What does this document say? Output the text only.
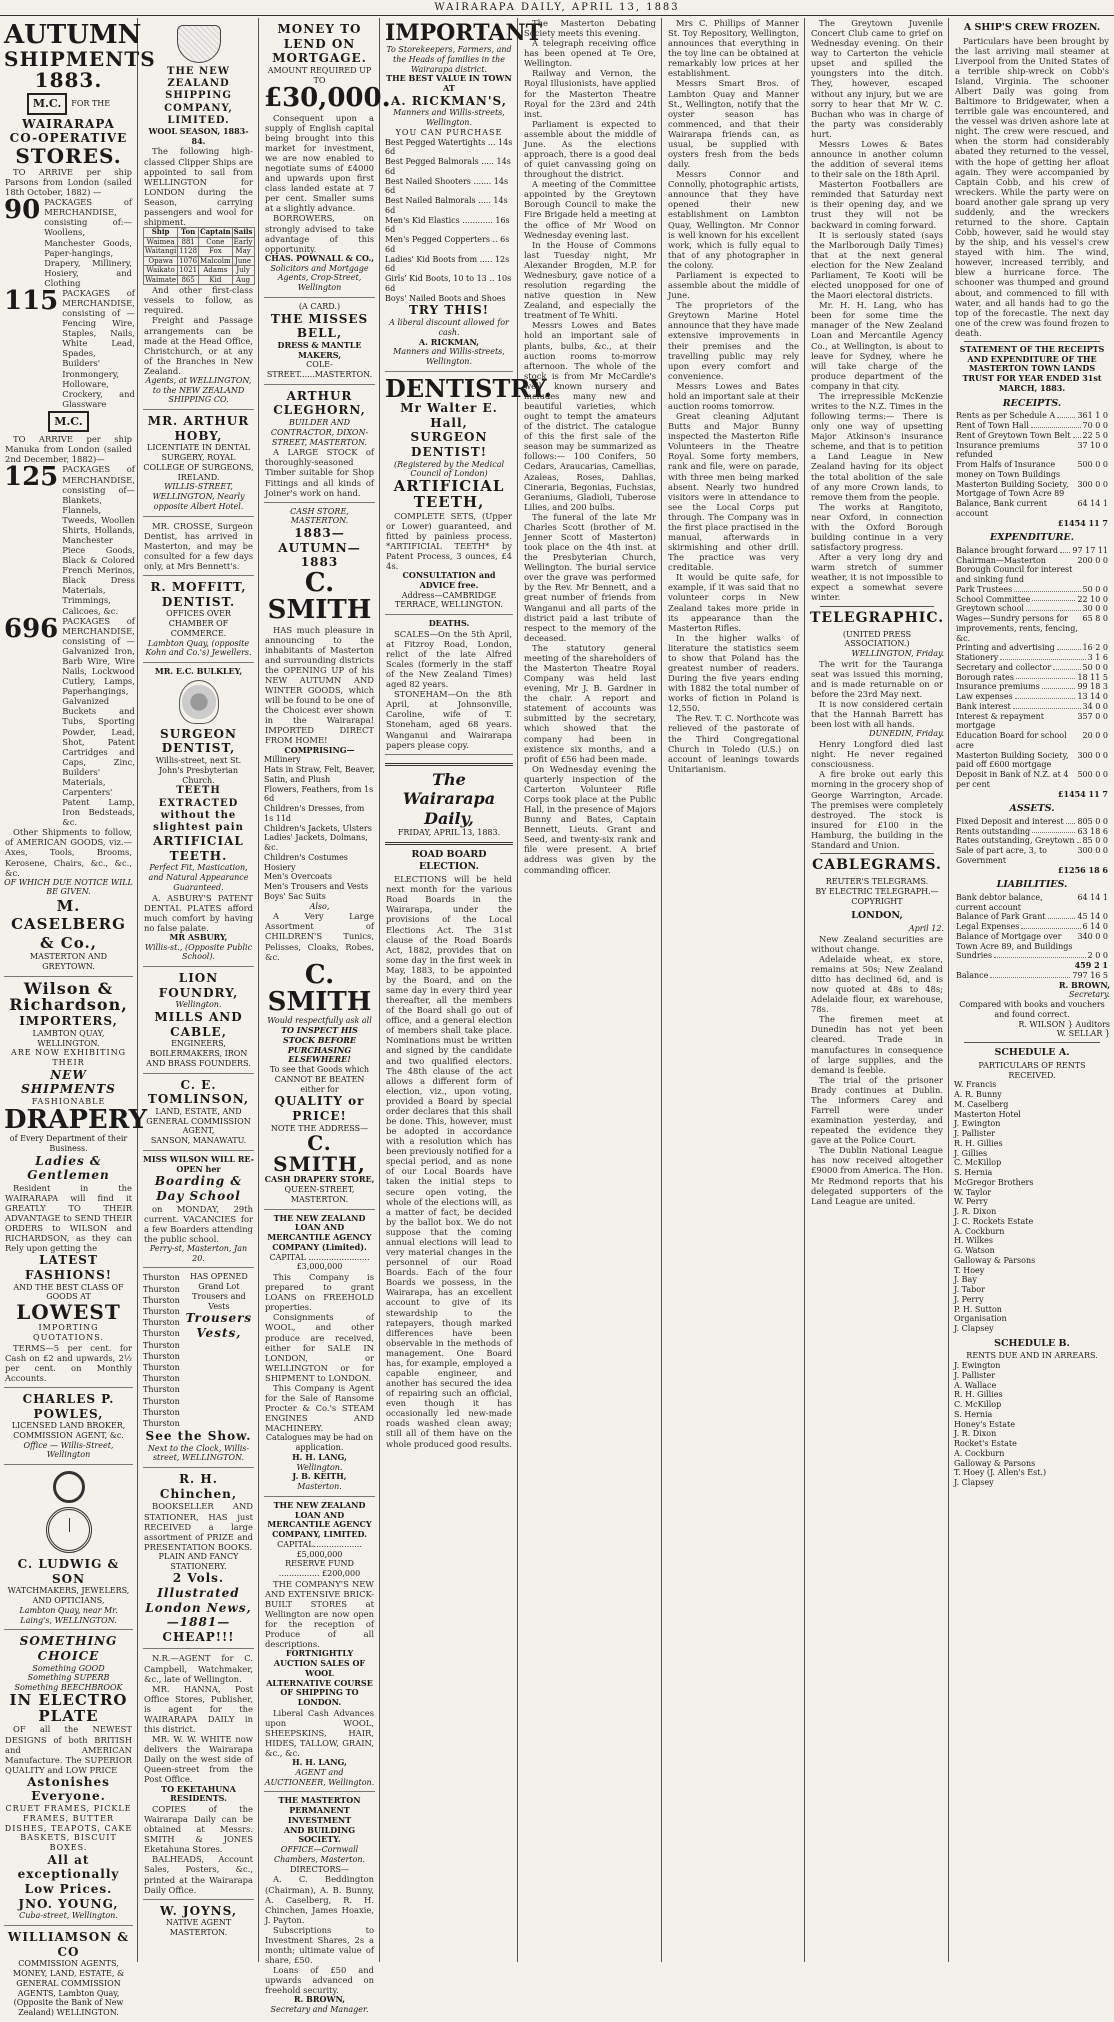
WAIRARAPA DAILY, APRIL 13, 1883
AUTUMN
SHIPMENTS
1883.
M.C.	FOR THE
WAIRARAPA
CO-OPERATIVE
STORES.
TO ARRIVE per ship Parsons from London (sailed 18th October, 1882) —
90 PACKAGES of MERCHANDISE, consisting of:— Woollens, Manchester Goods, Paper-hangings, Drapery, Millinery, Hosiery, and Clothing
115 PACKAGES of MERCHANDISE, consisting of — Fencing Wire, Staples, Nails, White Lead, Spades, Builders' Ironmongery, Holloware, Crockery, and Glassware
M.C.
TO ARRIVE per ship Manuka from London (sailed 2nd December, 1882)—
125 PACKAGES of MERCHANDISE, consisting of— Blankets, Flannels, Tweeds, Woollen Shirts, Hollands, Manchester Piece Goods, Black & Colored French Merinos, Black Dress Materials, Trimmings, Calicoes, &c.
696 PACKAGES of MERCHANDISE, consisting of — Galvanized Iron, Barb Wire, Wire Nails, Lockwood Cutlery, Lamps, Paperhangings, Galvanized Buckets and Tubs, Sporting Powder, Lead, Shot, Patent Cartridges and Caps, Zinc, Builders' Materials, Carpenters' Patent Lamp, Iron Bedsteads, &c.
Other Shipments to follow, of AMERICAN GOODS, viz.— Axes, Tools, Brooms, Kerosene, Chairs, &c., &c., &c.
OF WHICH DUE NOTICE WILL BE GIVEN.
M. CASELBERG & Co.,
MASTERTON AND GREYTOWN.
Wilson & Richardson,
IMPORTERS,
LAMBTON QUAY, WELLINGTON.
ARE NOW EXHIBITING THEIR
NEW SHIPMENTS
FASHIONABLE
DRAPERY
of Every Department of their Business.
Ladies & Gentlemen
Resident in the WAIRARAPA will find it GREATLY TO THEIR ADVANTAGE to SEND THEIR ORDERS to WILSON and RICHARDSON, as they can Rely upon getting the
LATEST FASHIONS!
AND THE BEST CLASS OF GOODS AT
LOWEST
IMPORTING QUOTATIONS.
TERMS—5 per cent. for Cash on £2 and upwards, 2½ per cent. on Monthly Accounts.
CHARLES P. POWLES,
LICENSED LAND BROKER, COMMISSION AGENT, &c.
Office — Willis-Street, Wellington
C. LUDWIG & SON
WATCHMAKERS, JEWELERS, AND OPTICIANS,
Lambton Quay, near Mr. Laing's, WELLINGTON.
SOMETHING CHOICE
Something GOOD
Something SUPERB
Something BEECHBROOK
IN ELECTRO PLATE
OF all the NEWEST DESIGNS of both BRITISH and AMERICAN Manufacture. The SUPERIOR QUALITY and LOW PRICE
Astonishes Everyone.
CRUET FRAMES, PICKLE FRAMES, BUTTER DISHES, TEAPOTS, CAKE BASKETS, BISCUIT BOXES.
All at exceptionally Low Prices.
JNO. YOUNG,
Cuba-street, Wellington.
WILLIAMSON & CO
COMMISSION AGENTS, MONEY, LAND, ESTATE, & GENERAL COMMISSION AGENTS, Lambton Quay, (Opposite the Bank of New Zealand) WELLINGTON.
THE NEW ZEALAND SHIPPING COMPANY, LIMITED.
WOOL SEASON, 1883-84.
The following high-classed Clipper Ships are appointed to sail from WELLINGTON for LONDON during the Season, carrying passengers and wool for shipment.
Ship	Ton	Captain	Sails
Waimea	881	Cone	Early
Waitangi	1128	Fox	May
Opawa	1076	Malcolm	June
Waikato	1021	Adams	July
Waimate	865	Kid	Aug
And other first-class vessels to follow, as required.
Freight and Passage arrangements can be made at the Head Office, Christchurch, or at any of the Branches in New Zealand.
Agents, at WELLINGTON, to the NEW ZEALAND SHIPPING CO.
MR. ARTHUR HOBY,
LICENTIATE IN DENTAL SURGERY, ROYAL COLLEGE OF SURGEONS, IRELAND.
WILLIS-STREET, WELLINGTON, Nearly opposite Albert Hotel.
MR. CROSSE, Surgeon Dentist, has arrived in Masterton, and may be consulted for a few days only, at Mrs Bennett's.
R. MOFFITT, DENTIST.
OFFICES OVER CHAMBER OF COMMERCE.
Lambton Quay, (opposite Kohn and Co.'s) Jewellers.
MR. E.C. BULKLEY,
SURGEON DENTIST,
Willis-street, next St. John's Presbyterian Church.
TEETH EXTRACTED without the slightest pain
ARTIFICIAL TEETH.
Perfect Fit, Mastication, and Natural Appearance Guaranteed.
A. ASBURY'S PATENT DENTAL PLATES afford much comfort by having no false palate.
MR ASBURY,
Willis-st., (Opposite Public School).
LION FOUNDRY,
Wellington.
MILLS AND CABLE,
ENGINEERS, BOILERMAKERS, IRON AND BRASS FOUNDERS.
C. E. TOMLINSON,
LAND, ESTATE, AND GENERAL COMMISSION AGENT,
SANSON, MANAWATU.
MISS WILSON WILL RE-OPEN her
Boarding & Day School
on MONDAY, 29th current. VACANCIES for a few Boarders attending the public school.
Perry-st, Masterton, Jan 20.
Thurston
Thurston
Thurston
Thurston
Thurston
Thurston
Thurston
Thurston
Thurston
Thurston
Thurston
Thurston
Thurston
Thurston
HAS OPENED Grand Lot Trousers and Vests
Trousers
Vests,
See the Show.
Next to the Clock, Willis-street, WELLINGTON.
R. H. Chinchen,
BOOKSELLER AND STATIONER, HAS just RECEIVED a large assortment of PRIZE and PRESENTATION BOOKS.
PLAIN AND FANCY STATIONERY.
2 Vols.
Illustrated London News, —1881—
CHEAP!!!
N.R.—AGENT for C. Campbell, Watchmaker, &c., late of Wellington.
MR. HANNA, Post Office Stores, Publisher, is agent for the WAIRARAPA DAILY in this district.
MR. W. W. WHITE now delivers the Wairarapa Daily on the west side of Queen-street from the Post Office.
TO EKETAHUNA RESIDENTS.
COPIES of the Wairarapa Daily can be obtained at Messrs. SMITH & JONES Eketahuna Stores.
BALHEADS, Account Sales, Posters, &c., printed at the Wairarapa Daily Office.
W. JOYNS,
NATIVE AGENT
MASTERTON.
MONEY TO LEND ON MORTGAGE.
AMOUNT REQUIRED UP TO
£30,000.
Consequent upon a supply of English capital being brought into this market for investment, we are now enabled to negotiate sums of £4000 and upwards upon first class landed estate at 7 per cent. Smaller sums at a slightly advance.
BORROWERS, on strongly advised to take advantage of this opportunity.
CHAS. POWNALL & CO.,
Solicitors and Mortgage Agents, Crop-Street, Wellington
(A CARD.)
THE MISSES BELL,
DRESS & MANTLE MAKERS,
COLE-STREET......MASTERTON.
ARTHUR CLEGHORN,
BUILDER AND CONTRACTOR, DIXON-STREET, MASTERTON.
A LARGE STOCK of thoroughly-seasoned Timber suitable for Shop Fittings and all kinds of Joiner's work on hand.
CASH STORE, MASTERTON.
1883—AUTUMN—1883
C. SMITH
HAS much pleasure in announcing to the inhabitants of Masterton and surrounding districts the OPENING UP of his NEW AUTUMN AND WINTER GOODS, which will be found to be one of the Choicest ever shown in the Wairarapa! IMPORTED DIRECT FROM HOME!
COMPRISING—
Millinery
Hats in Straw, Felt, Beaver, Satin, and Plush
Flowers, Feathers, from 1s 6d
Children's Dresses, from 1s 11d
Children's Jackets, Ulsters
Ladies' Jackets, Dolmans, &c.
Children's Costumes
Hosiery
Men's Overcoats
Men's Trousers and Vests
Boys' Sac Suits
Also,
A Very Large Assortment of CHILDREN'S Tunics, Pelisses, Cloaks, Robes, &c.
C. SMITH
Would respectfully ask all
TO INSPECT HIS STOCK BEFORE PURCHASING ELSEWHERE!
To see that Goods which CANNOT BE BEATEN either for
QUALITY or PRICE!
NOTE THE ADDRESS—
C. SMITH,
CASH DRAPERY STORE,
QUEEN-STREET, MASTERTON.
THE NEW ZEALAND LOAN AND MERCANTILE AGENCY COMPANY (Limited).
CAPITAL ........................ £3,000,000
This Company is prepared to grant LOANS on FREEHOLD properties.
Consignments of WOOL, and other produce are received, either for SALE IN LONDON, or WELLINGTON or for SHIPMENT to LONDON.
This Company is Agent for the Sale of Ransome Procter & Co.'s STEAM ENGINES AND MACHINERY.
Catalogues may be had on application.
H. H. LANG,
Wellington.
J. B. KEITH,
Masterton.
THE NEW ZEALAND LOAN AND MERCANTILE AGENCY COMPANY, LIMITED.
CAPITAL...................£5,000,000
RESERVE FUND ................ £200,000
THE COMPANY'S NEW AND EXTENSIVE BRICK-BUILT STORES at Wellington are now open for the reception of Produce of all descriptions.
FORTNIGHTLY AUCTION SALES OF WOOL
ALTERNATIVE COURSE OF SHIPPING TO LONDON.
Liberal Cash Advances upon WOOL, SHEEPSKINS, HAIR, HIDES, TALLOW, GRAIN, &c., &c.
H. H. LANG,
AGENT and AUCTIONEER, Wellington.
THE MASTERTON PERMANENT INVESTMENT
AND BUILDING SOCIETY.
OFFICE—Cornwall Chambers, Masterton.
DIRECTORS—
A. C. Beddington (Chairman), A. B. Bunny, A. Caselberg, R. H. Chinchen, James Hoaxie, J. Payton.
Subscriptions to Investment Shares, 2s a month; ultimate value of share, £50.
Loans of £50 and upwards advanced on freehold security.
R. BROWN,
Secretary and Manager.
IMPORTANT
To Storekeepers, Farmers, and the Heads of families in the Wairarapa district.
THE BEST VALUE IN TOWN AT
A. RICKMAN'S,
Manners and Willis-streets, Wellington.
YOU CAN PURCHASE
Best Pegged Watertights ... 14s 6d
Best Pegged Balmorals ..... 14s 6d
Best Nailed Shooters ....... 14s 6d
Best Nailed Balmorals ..... 14s 6d
Men's Kid Elastics ............ 16s 6d
Men's Pegged Copperters .. 6s 6d
Ladies' Kid Boots from ..... 12s 6d
Girls' Kid Boots, 10 to 13 .. 10s 6d
Boys' Nailed Boots and Shoes
TRY THIS!
A liberal discount allowed for cash.
A. RICKMAN,
Manners and Willis-streets, Wellington.
DENTISTRY.
Mr Walter E. Hall,
SURGEON DENTIST!
(Registered by the Medical Council of London)
ARTIFICIAL TEETH,
COMPLETE SETS, (Upper or Lower) guaranteed, and fitted by painless process. *ARTIFICIAL TEETH* by Patent Process, 3 ounces, £4 4s.
CONSULTATION and ADVICE free.
Address—CAMBRIDGE TERRACE, WELLINGTON.
DEATHS.
SCALES—On the 5th April, at Fitzroy Road, London, relict of the late Alfred Scales (formerly in the staff of the New Zealand Times) aged 82 years.
STONEHAM—On the 8th April, at Johnsonville, Caroline, wife of T. Stoneham, aged 68 years. Wanganui and Wairarapa papers please copy.
The Wairarapa Daily,
FRIDAY, APRIL 13, 1883.
ROAD BOARD ELECTION.
ELECTIONS will be held next month for the various Road Boards in the Wairarapa, under the provisions of the Local Elections Act. The 31st clause of the Road Boards Act, 1882, provides that on some day in the first week in May, 1883, to be appointed by the Board, and on the same day in every third year thereafter, all the members of the Board shall go out of office, and a general election of members shall take place. Nominations must be written and signed by the candidate and two qualified electors. The 48th clause of the act allows a different form of election, viz., upon voting, provided a Board by special order declares that this shall be done. This, however, must be adopted in accordance with a resolution which has been previously notified for a special period, and as none of our Local Boards have taken the initial steps to secure open voting, the whole of the elections will, as a matter of fact, be decided by the ballot box. We do not suppose that the coming annual elections will lead to very material changes in the personnel of our Road Boards. Each of the four Boards we possess, in the Wairarapa, has an excellent account to give of its stewardship to the ratepayers, though marked differences have been observable in the methods of management. One Board has, for example, employed a capable engineer, and another has secured the idea of repairing such an official, even though it has occasionally led new-made roads washed clean away; still all of them have on the whole produced good results.
The Masterton Debating Society meets this evening.
A telegraph receiving office has been opened at Te Ore, Wellington.
Railway and Vernon, the Royal Illusionists, have applied for the Masterton Theatre Royal for the 23rd and 24th inst.
Parliament is expected to assemble about the middle of June. As the elections approach, there is a good deal of quiet canvassing going on throughout the district.
A meeting of the Committee appointed by the Greytown Borough Council to make the Fire Brigade held a meeting at the office of Mr Wood on Wednesday evening last.
In the House of Commons last Tuesday night, Mr Alexander Brogden, M.P. for Wednesbury, gave notice of a resolution regarding the native question in New Zealand, and especially the treatment of Te Whiti.
Messrs Lowes and Bates hold an important sale of plants, bulbs, &c., at their auction rooms to-morrow afternoon. The whole of the stock is from Mr McCardle's well known nursery and includes many new and beautiful varieties, which ought to tempt the amateurs of the district. The catalogue of this the first sale of the season may be summarized as follows:— 100 Conifers, 50 Cedars, Araucarias, Camellias, Azaleas, Roses, Dahlias, Cineraria, Begonias, Fuchsias, Geraniums, Gladioli, Tuberose Lilies, and 200 bulbs.
The funeral of the late Mr Charles Scott (brother of M. Jenner Scott of Masterton) took place on the 4th inst. at the Presbyterian Church, Wellington. The burial service over the grave was performed by the Rev. Mr Bennett, and a great number of friends from Wanganui and all parts of the district paid a last tribute of respect to the memory of the deceased.
The statutory general meeting of the shareholders of the Masterton Theatre Royal Company was held last evening, Mr J. B. Gardner in the chair. A report and statement of accounts was submitted by the secretary, which showed that the company had been in existence six months, and a profit of £56 had been made.
On Wednesday evening the quarterly inspection of the Carterton Volunteer Rifle Corps took place at the Public Hall, in the presence of Majors Bunny and Bates, Captain Bennett, Lieuts. Grant and Seed, and twenty-six rank and file were present. A brief address was given by the commanding officer.
Mrs C. Phillips of Manner St. Toy Repository, Wellington, announces that everything in the toy line can be obtained at remarkably low prices at her establishment.
Messrs Smart Bros. of Lambton Quay and Manner St., Wellington, notify that the oyster season has commenced, and that their Wairarapa friends can, as usual, be supplied with oysters fresh from the beds daily.
Messrs Connor and Connolly, photographic artists, announce that they have opened their new establishment on Lambton Quay, Wellington. Mr Connor is well known for his excellent work, which is fully equal to that of any photographer in the colony.
Parliament is expected to assemble about the middle of June.
The proprietors of the Greytown Marine Hotel announce that they have made extensive improvements in their premises and the travelling public may rely upon every comfort and convenience.
Messrs Lowes and Bates hold an important sale at their auction rooms tomorrow.
Great cleaning Adjutant Butts and Major Bunny inspected the Masterton Rifle Volunteers in the Theatre Royal. Some forty members, rank and file, were on parade, with three men being marked absent. Nearly two hundred visitors were in attendance to see the Local Corps put through. The Company was in the first place practised in the manual, afterwards in skirmishing and other drill. The practice was very creditable.
It would be quite safe, for example, if it was said that no volunteer corps in New Zealand takes more pride in its appearance than the Masterton Rifles.
In the higher walks of literature the statistics seem to show that Poland has the greatest number of readers. During the five years ending with 1882 the total number of works of fiction in Poland is 12,550.
The Rev. T. C. Northcote was relieved of the pastorate of the Third Congregational Church in Toledo (U.S.) on account of leanings towards Unitarianism.
The Greytown Juvenile Concert Club came to grief on Wednesday evening. On their way to Carterton the vehicle upset and spilled the youngsters into the ditch. They, however, escaped without any injury, but we are sorry to hear that Mr W. C. Buchan who was in charge of the party was considerably hurt.
Messrs Lowes & Bates announce in another column the addition of several items to their sale on the 18th April.
Masterton Footballers are reminded that Saturday next is their opening day, and we trust they will not be backward in coming forward.
It is seriously stated (says the Marlborough Daily Times) that at the next general election for the New Zealand Parliament, Te Kooti will be elected unopposed for one of the Maori electoral districts.
Mr. H. H. Lang, who has been for some time the manager of the New Zealand Loan and Mercantile Agency Co., at Wellington, is about to leave for Sydney, where he will take charge of the produce department of the company in that city.
The irrepressible McKenzie writes to the N.Z. Times in the following terms:— There is only one way of upsetting Major Atkinson's insurance scheme, and that is to petition a Land League in New Zealand having for its object the total abolition of the sale of any more Crown lands, to remove them from the people.
The works at Rangitoto, near Oxford, in connection with the Oxford Borough building continue in a very satisfactory progress.
After a very long dry and warm stretch of summer weather, it is not impossible to expect a somewhat severe winter.
TELEGRAPHIC.
(UNITED PRESS ASSOCIATION.)
WELLINGTON, Friday.
The writ for the Tauranga seat was issued this morning, and is made returnable on or before the 23rd May next.
It is now considered certain that the Hannah Barrett has been lost with all hands.
DUNEDIN, Friday.
Henry Longford died last night. He never regained consciousness.
A fire broke out early this morning in the grocery shop of George Warrington, Arcade. The premises were completely destroyed. The stock is insured for £100 in the Hamburg, the building in the Standard and Union.
CABLEGRAMS.
REUTER'S TELEGRAMS.
BY ELECTRIC TELEGRAPH.—COPYRIGHT
LONDON,
April 12.
New Zealand securities are without change.
Adelaide wheat, ex store, remains at 50s; New Zealand ditto has declined 6d, and is now quoted at 48s to 48s; Adelaide flour, ex warehouse, 78s.
The firemen meet at Dunedin has not yet been cleared. Trade in manufactures in consequence of large supplies, and the demand is feeble.
The trial of the prisoner Brady continues at Dublin. The informers Carey and Farrell were under examination yesterday, and repeated the evidence they gave at the Police Court.
The Dublin National League has now received altogether £9000 from America. The Hon. Mr Redmond reports that his delegated supporters of the Land League are united.
A SHIP'S CREW FROZEN.
Particulars have been brought by the last arriving mail steamer at Liverpool from the United States of a terrible ship-wreck on Cobb's Island, Virginia. The schooner Albert Daily was going from Baltimore to Bridgewater, when a terrible gale was encountered, and the vessel was driven ashore late at night. The crew were rescued, and when the storm had considerably abated they returned to the vessel, with the hope of getting her afloat again. They were accompanied by Captain Cobb, and his crew of wreckers. While the party were on board another gale sprang up very suddenly, and the wreckers returned to the shore. Captain Cobb, however, said he would stay by the ship, and his vessel's crew stayed with him. The wind, however, increased terribly, and blew a hurricane force. The schooner was thumped and ground about, and commenced to fill with water, and all hands had to go the top of the forecastle. The next day one of the crew was found frozen to death.
STATEMENT OF THE RECEIPTS AND EXPENDITURE OF THE MASTERTON TOWN LANDS TRUST FOR YEAR ENDED 31st MARCH, 1883.
RECEIPTS.
Rents as per Schedule A	361 1 0
Rent of Town Hall	70 0 0
Rent of Greytown Town Belt 22 5 0
Insurance premiums refunded
37 10 0
From Halfs of Insurance money on Town Buildings
500 0 0
Masterton Building Society, Mortgage of Town Acre 89
300 0 0
Balance, Bank current account
64 14 1
£1454 11 7
EXPENDITURE.
Balance brought forward 97 17 11
Chairman—Masterton Borough Council for interest and sinking fund
200 0 0
Park Trustees	50 0 0
School Committee	22 10 0
Greytown school	30 0 0
Wages—Sundry persons for improvements, rents, fencing, &c.
65 8 0
Printing and advertising	16 2 0
Stationery	3 1 6
Secretary and collector	50 0 0
Borough rates	18 11 5
Insurance premiums	99 18 3
Law expenses	13 14 0
Bank interest	34 0 0
Interest & repayment mortgage
357 0 0
Education Board for school acre
20 0 0
Masterton Building Society, paid off £600 mortgage
300 0 0
Deposit in Bank of N.Z. at 4 per cent
500 0 0
£1454 11 7
ASSETS.
Fixed Deposit and interest 805 0 0
Rents outstanding	63 18 6
Rates outstanding, Greytown 85 0 0
Sale of part acre, 3, to Government
300 0 0
£1256 18 6
LIABILITIES.
Bank debtor balance, current account
64 14 1
Balance of Park Grant	45 14 0
Legal Expenses	6 14 0
Balance of Mortgage over Town Acre 89, and Buildings
340 0 0
Sundries	2 0 0
459 2 1
Balance	797 16 5
R. BROWN,
Secretary.
Compared with books and vouchers and found correct.
R. WILSON } Auditors
W. SELLAR }
SCHEDULE A.
PARTICULARS OF RENTS RECEIVED.
W. Francis
A. R. Bunny
M. Caselberg
Masterton Hotel
J. Ewington
J. Pallister
R. H. Gillies
J. Gillies
C. McKillop
S. Hernia
McGregor Brothers
W. Taylor
W. Perry
J. R. Dixon
J. C. Rockets Estate
A. Cockburn
H. Wilkes
G. Watson
Galloway & Parsons
T. Hoey
J. Bay
J. Tabor
J. Perry
P. H. Sutton
Organisation
J. Clapsey
SCHEDULE B.
RENTS DUE AND IN ARREARS.
J. Ewington
J. Pallister
A. Wallace
R. H. Gillies
C. McKillop
S. Hernia
Honey's Estate
J. R. Dixon
Rocket's Estate
A. Cockburn
Galloway & Parsons
T. Hoey (J. Allen's Est.)
J. Clapsey
